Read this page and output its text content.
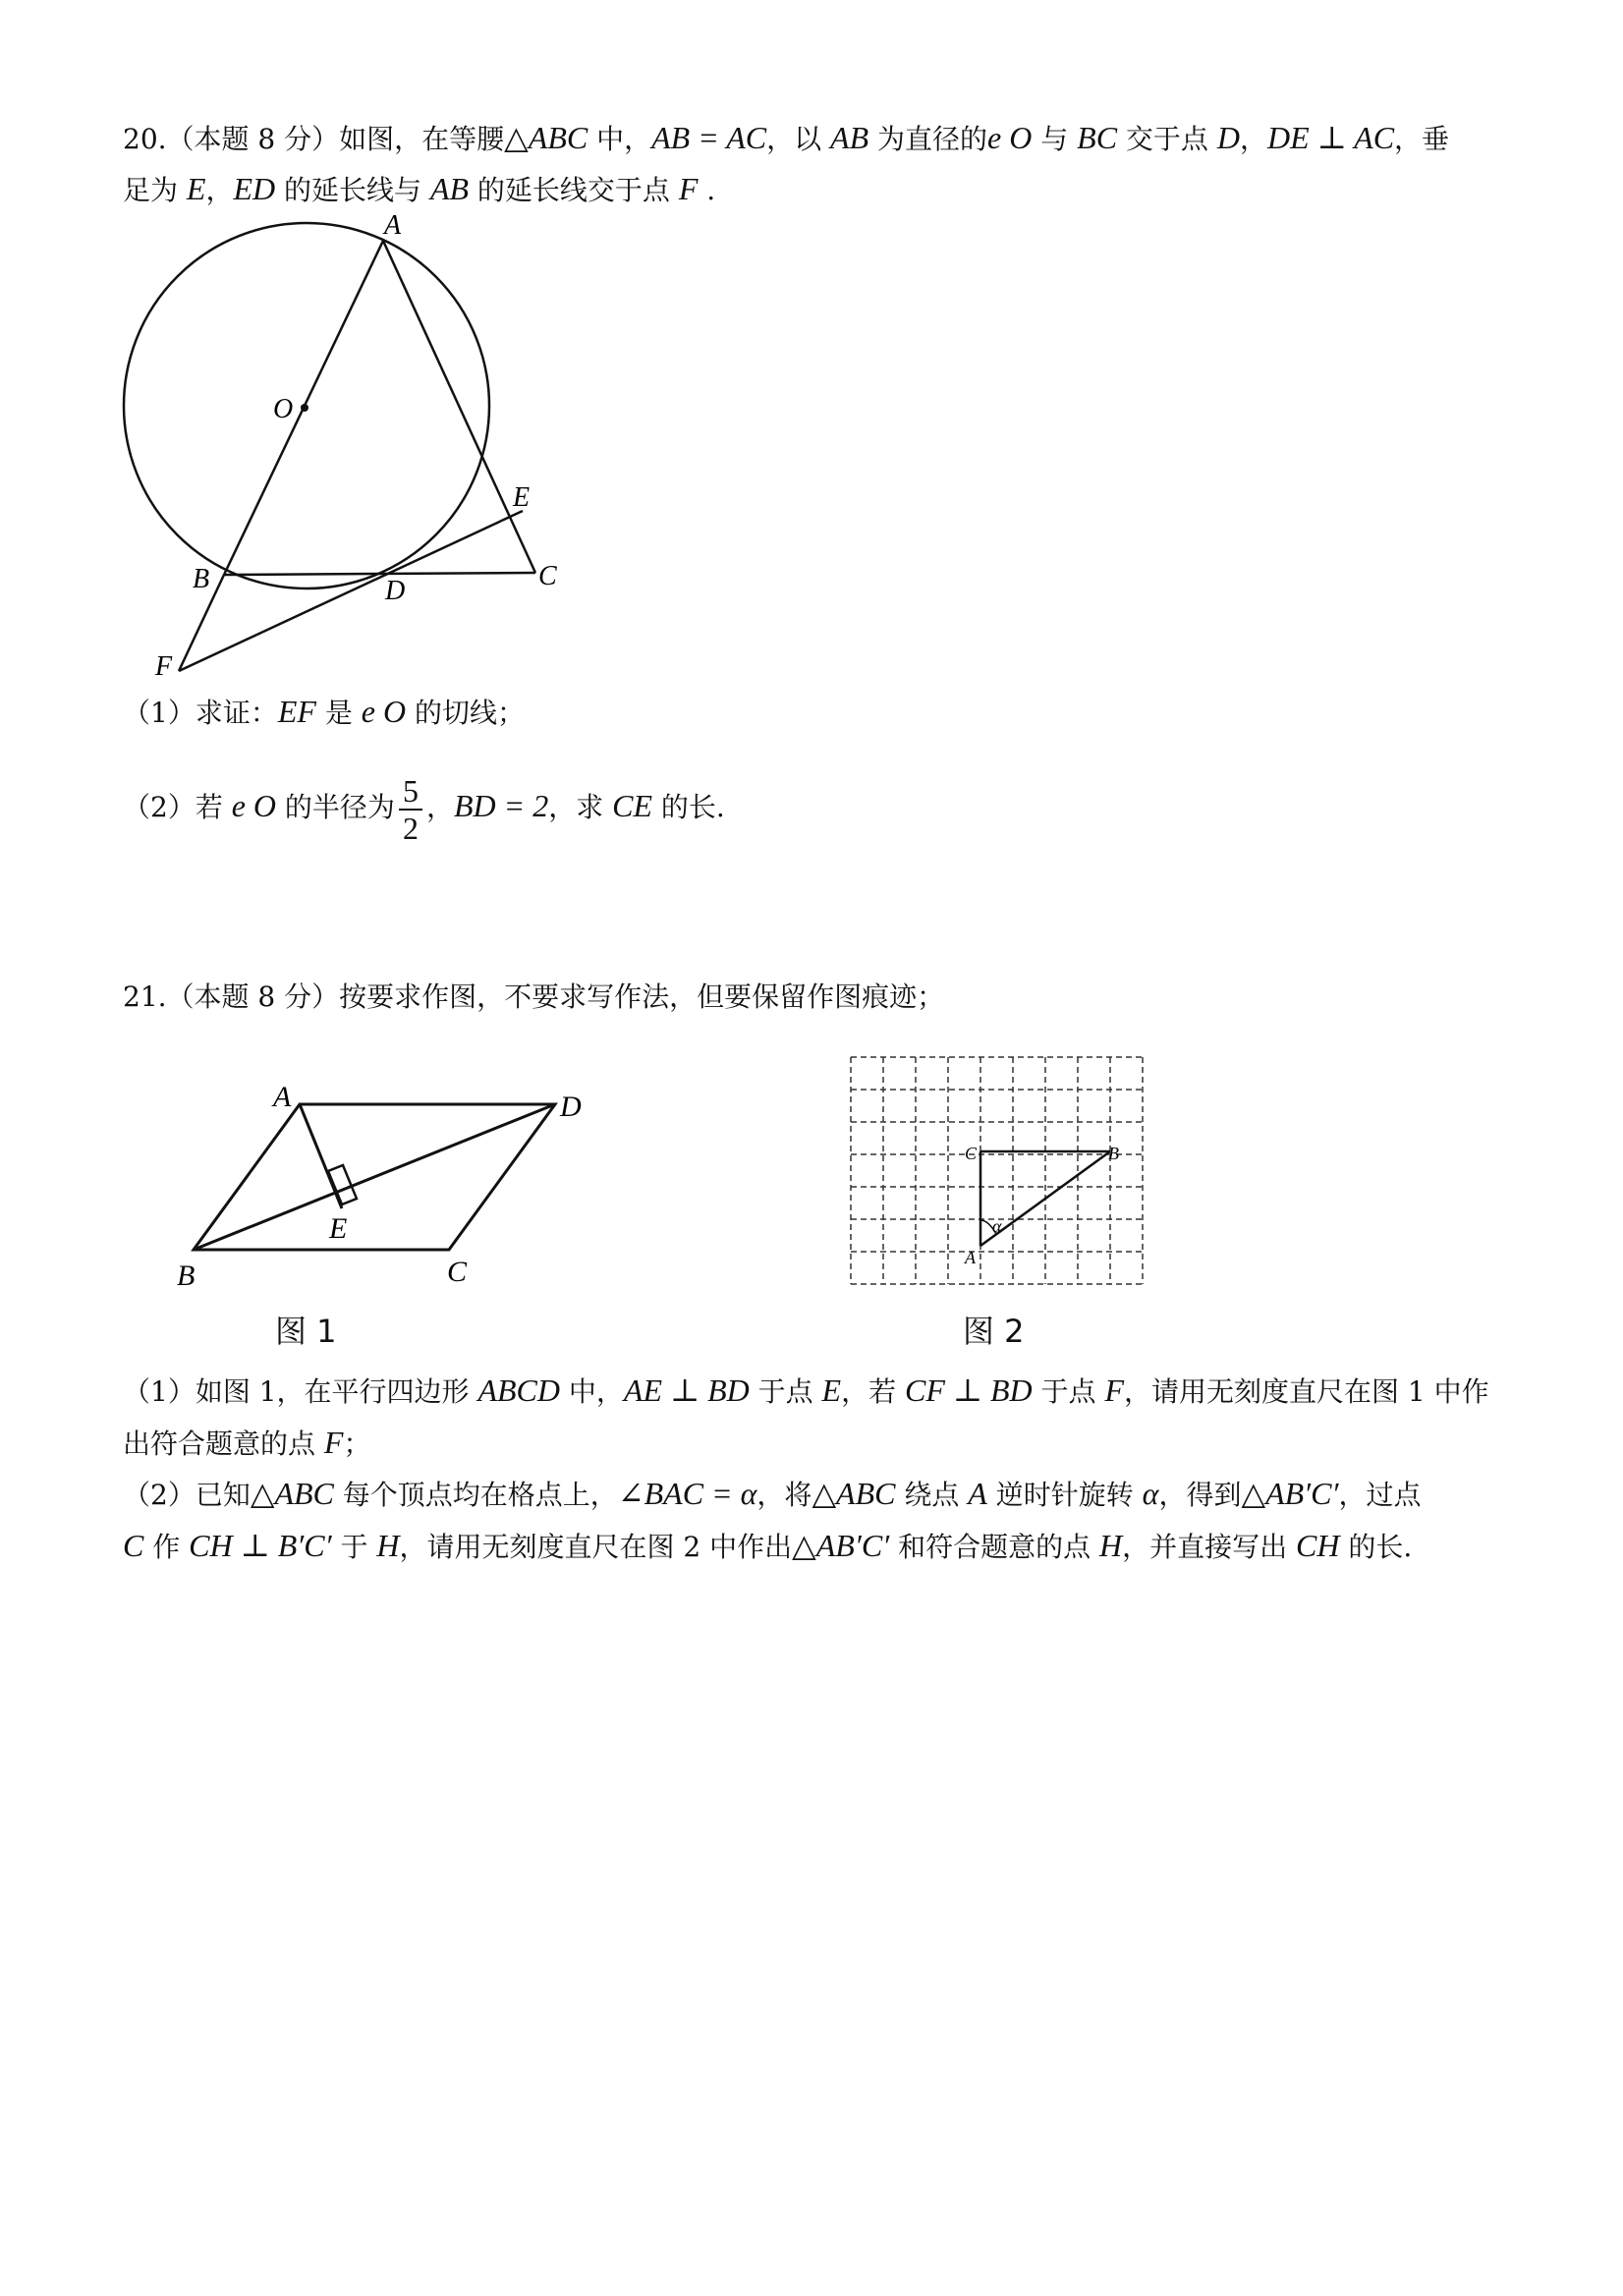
20.（本题 8 分）如图，在等腰△ABC 中，AB = AC，以 AB 为直径的e O 与 BC 交于点 D，DE ⊥ AC，垂
足为 E，ED 的延长线与 AB 的延长线交于点 F .
A
O
E
B	D	C
F
（1）求证：EF 是 e O 的切线；
（2）若 e O 的半径为 $\frac{5}{2}$ ，BD = 2，求 CE 的长.
21.（本题 8 分）按要求作图，不要求写作法，但要保留作图痕迹；
A	D
E
B	C
图 1
C	B
A
α
图 2
（1）如图 1，在平行四边形 ABCD 中，AE ⊥ BD 于点 E，若 CF ⊥ BD 于点 F，请用无刻度直尺在图 1 中作
出符合题意的点 F；
（2）已知△ABC 每个顶点均在格点上，∠BAC = α，将△ABC 绕点 A 逆时针旋转 α，得到△AB′C′，过点
C 作 CH ⊥ B′C′ 于 H，请用无刻度直尺在图 2 中作出△AB′C′ 和符合题意的点 H，并直接写出 CH 的长.
